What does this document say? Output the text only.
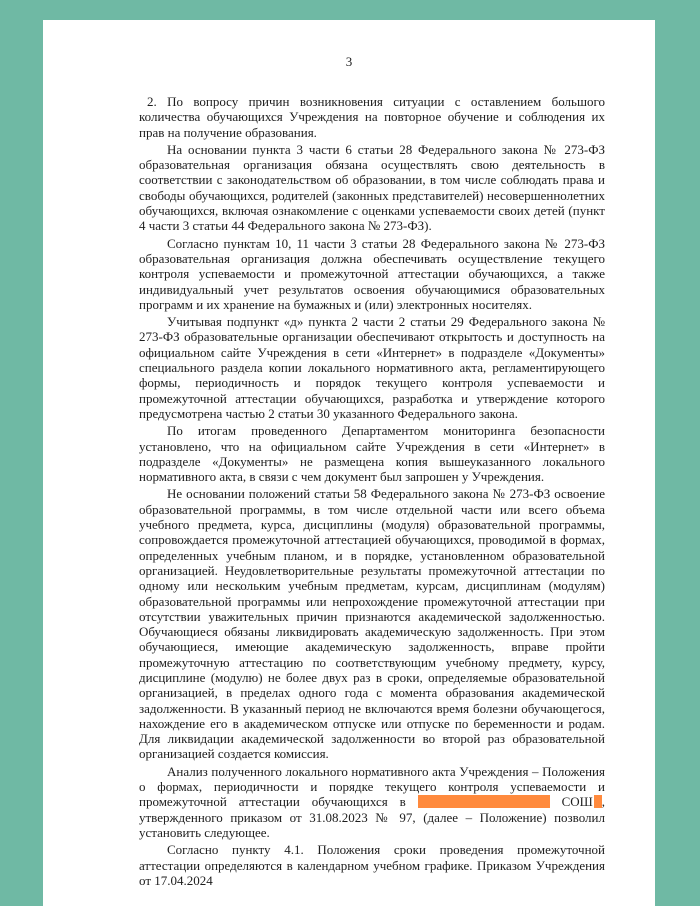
3

2. По вопросу причин возникновения ситуации с оставлением большого количества обучающихся Учреждения на повторное обучение и соблюдения их прав на получение образования.

На основании пункта 3 части 6 статьи 28 Федерального закона № 273-ФЗ образовательная организация обязана осуществлять свою деятельность в соответствии с законодательством об образовании, в том числе соблюдать права и свободы обучающихся, родителей (законных представителей) несовершеннолетних обучающихся, включая ознакомление с оценками успеваемости своих детей (пункт 4 части 3 статьи 44 Федерального закона № 273-ФЗ).

Согласно пунктам 10, 11 части 3 статьи 28 Федерального закона № 273-ФЗ образовательная организация должна обеспечивать осуществление текущего контроля успеваемости и промежуточной аттестации обучающихся, а также индивидуальный учет результатов освоения обучающимися образовательных программ и их хранение на бумажных и (или) электронных носителях.

Учитывая подпункт «д» пункта 2 части 2 статьи 29 Федерального закона № 273-ФЗ образовательные организации обеспечивают открытость и доступность на официальном сайте Учреждения в сети «Интернет» в подразделе «Документы» специального раздела копии локального нормативного акта, регламентирующего формы, периодичность и порядок текущего контроля успеваемости и промежуточной аттестации обучающихся, разработка и утверждение которого предусмотрена частью 2 статьи 30 указанного Федерального закона.

По итогам проведенного Департаментом мониторинга безопасности установлено, что на официальном сайте Учреждения в сети «Интернет» в подразделе «Документы» не размещена копия вышеуказанного локального нормативного акта, в связи с чем документ был запрошен у Учреждения.

Не основании положений статьи 58 Федерального закона № 273-ФЗ освоение образовательной программы, в том числе отдельной части или всего объема учебного предмета, курса, дисциплины (модуля) образовательной программы, сопровождается промежуточной аттестацией обучающихся, проводимой в формах, определенных учебным планом, и в порядке, установленном образовательной организацией. Неудовлетворительные результаты промежуточной аттестации по одному или нескольким учебным предметам, курсам, дисциплинам (модулям) образовательной программы или непрохождение промежуточной аттестации при отсутствии уважительных причин признаются академической задолженностью. Обучающиеся обязаны ликвидировать академическую задолженность. При этом обучающиеся, имеющие академическую задолженность, вправе пройти промежуточную аттестацию по соответствующим учебному предмету, курсу, дисциплине (модулю) не более двух раз в сроки, определяемые образовательной организацией, в пределах одного года с момента образования академической задолженности. В указанный период не включаются время болезни обучающегося, нахождение его в академическом отпуске или отпуске по беременности и родам. Для ликвидации академической задолженности во второй раз образовательной организацией создается комиссия.

Анализ полученного локального нормативного акта Учреждения – Положения о формах, периодичности и порядке текущего контроля успеваемости и промежуточной аттестации обучающихся в	СОШ , утвержденного приказом от 31.08.2023 № 97, (далее – Положение) позволил установить следующее.

Согласно пункту 4.1. Положения сроки проведения промежуточной аттестации определяются в календарном учебном графике. Приказом Учреждения от 17.04.2024
